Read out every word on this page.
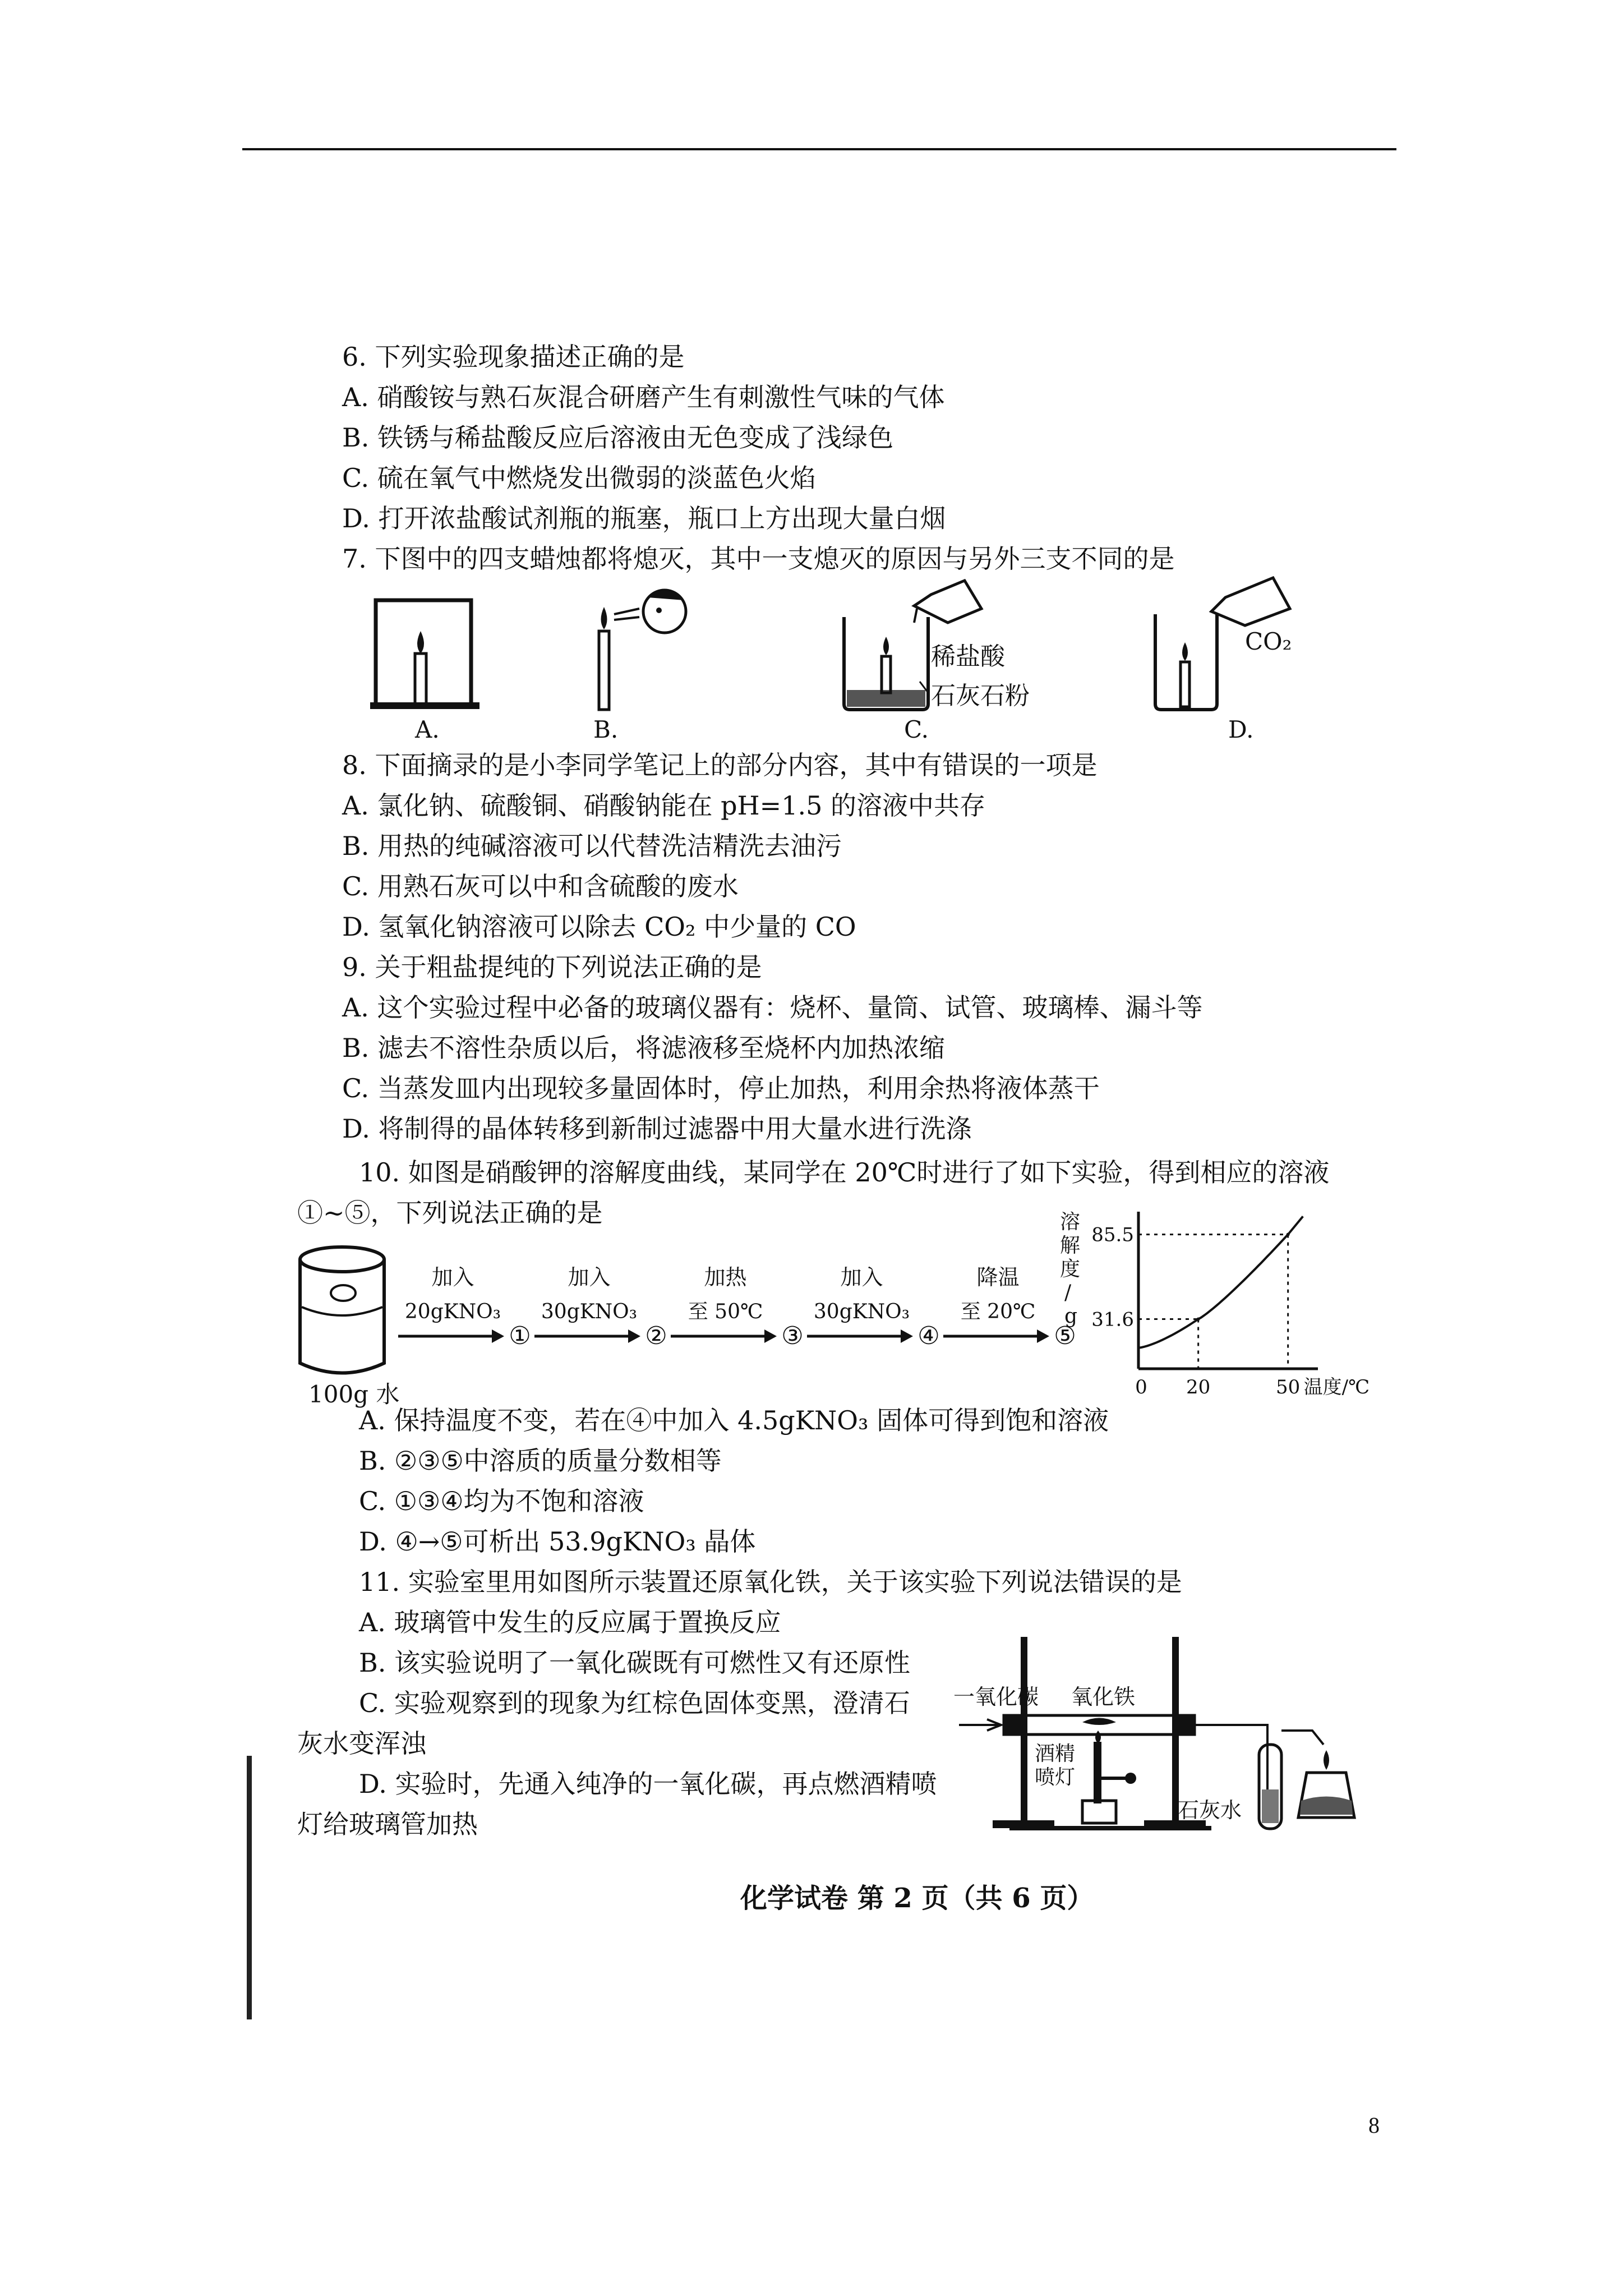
6. 下列实验现象描述正确的是
A. 硝酸铵与熟石灰混合研磨产生有刺激性气味的气体
B. 铁锈与稀盐酸反应后溶液由无色变成了浅绿色
C. 硫在氧气中燃烧发出微弱的淡蓝色火焰
D. 打开浓盐酸试剂瓶的瓶塞，瓶口上方出现大量白烟
7. 下图中的四支蜡烛都将熄灭，其中一支熄灭的原因与另外三支不同的是
A.	B.
稀盐酸
石灰石粉
C.
CO₂
D.
8. 下面摘录的是小李同学笔记上的部分内容，其中有错误的一项是
A. 氯化钠、硫酸铜、硝酸钠能在 pH=1.5 的溶液中共存
B. 用热的纯碱溶液可以代替洗洁精洗去油污
C. 用熟石灰可以中和含硫酸的废水
D. 氢氧化钠溶液可以除去 CO₂ 中少量的 CO
9. 关于粗盐提纯的下列说法正确的是
A. 这个实验过程中必备的玻璃仪器有：烧杯、量筒、试管、玻璃棒、漏斗等
B. 滤去不溶性杂质以后，将滤液移至烧杯内加热浓缩
C. 当蒸发皿内出现较多量固体时，停止加热，利用余热将液体蒸干
D. 将制得的晶体转移到新制过滤器中用大量水进行洗涤
10. 如图是硝酸钾的溶解度曲线，某同学在 20℃时进行了如下实验，得到相应的溶液
①~⑤，下列说法正确的是
100g 水
加入
20gKNO₃
①
加入
30gKNO₃
②
加热
至 50℃
③
加入
30gKNO₃
④
降温
至 20℃
⑤
溶
解
度
/
g 31.6
85.5
0 20	50 温度/℃
A. 保持温度不变，若在④中加入 4.5gKNO₃ 固体可得到饱和溶液
B. ②③⑤中溶质的质量分数相等
C. ①③④均为不饱和溶液
D. ④→⑤可析出 53.9gKNO₃ 晶体
11. 实验室里用如图所示装置还原氧化铁，关于该实验下列说法错误的是
A. 玻璃管中发生的反应属于置换反应
B. 该实验说明了一氧化碳既有可燃性又有还原性
C. 实验观察到的现象为红棕色固体变黑，澄清石
灰水变浑浊
D. 实验时，先通入纯净的一氧化碳，再点燃酒精喷
灯给玻璃管加热
一氧化碳 氧化铁
酒精
喷灯
石灰水
化学试卷 第 2 页（共 6 页）
8
